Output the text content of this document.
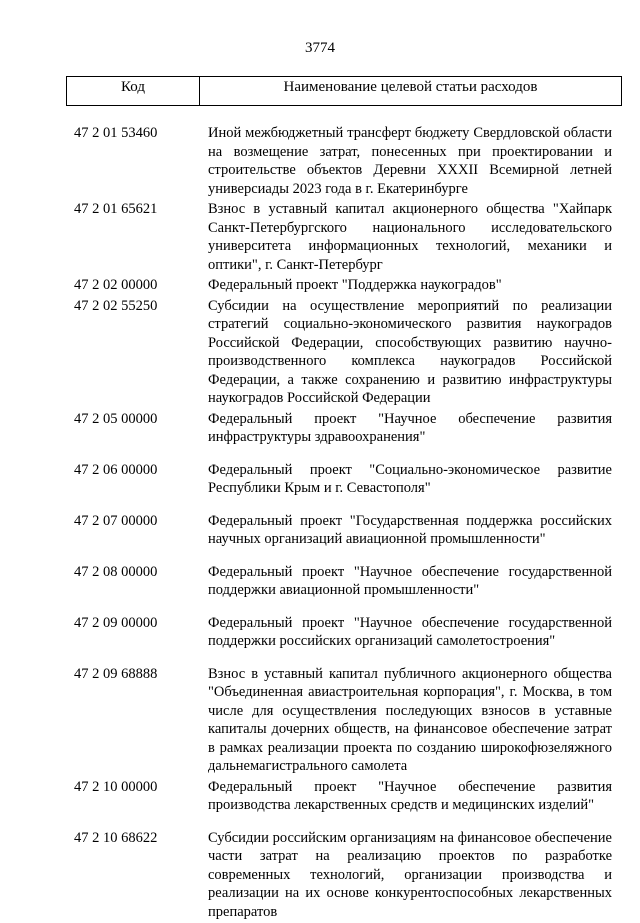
3774
Код	Наименование целевой статьи расходов
47 2 01 53460	Иной межбюджетный трансферт бюджету Свердловской области на возмещение затрат, понесенных при проектировании и строительстве объектов Деревни XXXII Всемирной летней универсиады 2023 года в г. Екатеринбурге
47 2 01 65621	Взнос в уставный капитал акционерного общества "Хайпарк Санкт-Петербургского национального исследовательского университета информационных технологий, механики и оптики", г. Санкт-Петербург
47 2 02 00000	Федеральный проект "Поддержка наукоградов"
47 2 02 55250	Субсидии на осуществление мероприятий по реализации стратегий социально-экономического развития наукоградов Российской Федерации, способствующих развитию научно-производственного комплекса наукоградов Российской Федерации, а также сохранению и развитию инфраструктуры наукоградов Российской Федерации
47 2 05 00000	Федеральный проект "Научное обеспечение развития инфраструктуры здравоохранения"
47 2 06 00000	Федеральный проект "Социально-экономическое развитие Республики Крым и г. Севастополя"
47 2 07 00000	Федеральный проект "Государственная поддержка российских научных организаций авиационной промышленности"
47 2 08 00000	Федеральный проект "Научное обеспечение государственной поддержки авиационной промышленности"
47 2 09 00000	Федеральный проект "Научное обеспечение государственной поддержки российских организаций самолетостроения"
47 2 09 68888	Взнос в уставный капитал публичного акционерного общества "Объединенная авиастроительная корпорация", г. Москва, в том числе для осуществления последующих взносов в уставные капиталы дочерних обществ, на финансовое обеспечение затрат в рамках реализации проекта по созданию широкофюзеляжного дальнемагистрального самолета
47 2 10 00000	Федеральный проект "Научное обеспечение развития производства лекарственных средств и медицинских изделий"
47 2 10 68622	Субсидии российским организациям на финансовое обеспечение части затрат на реализацию проектов по разработке современных технологий, организации производства и реализации на их основе конкурентоспособных лекарственных препаратов
